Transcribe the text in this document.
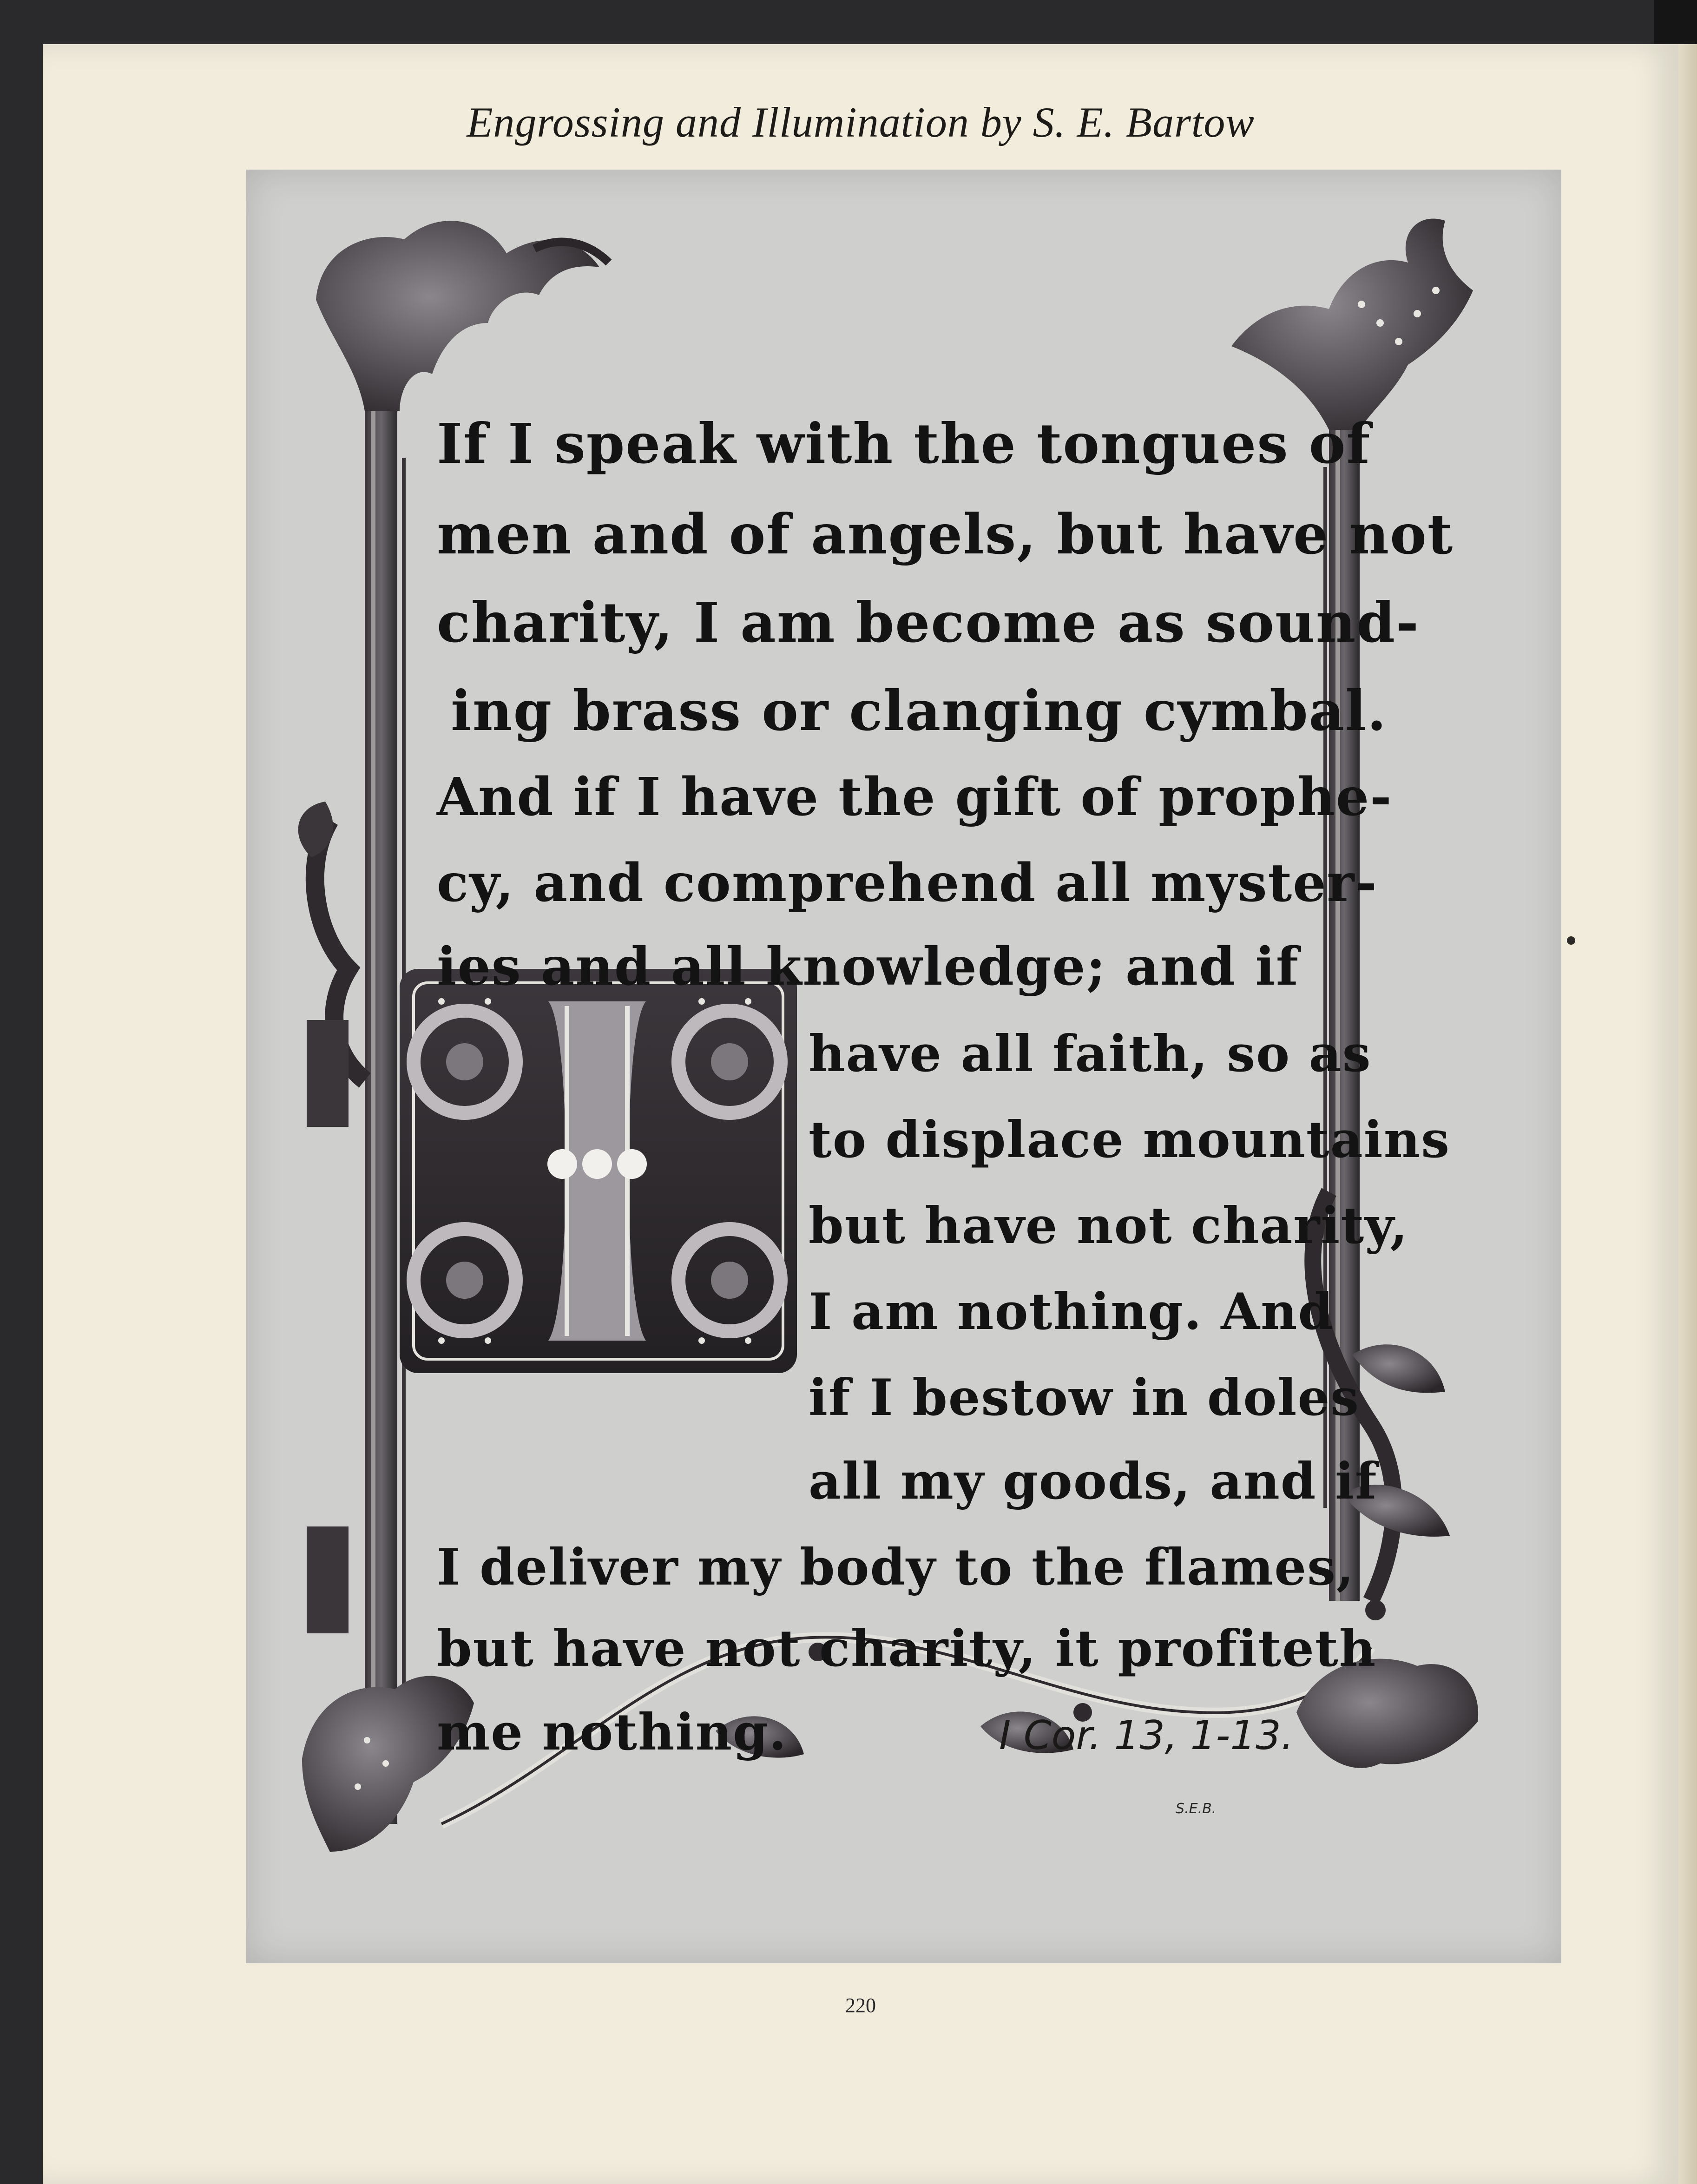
Engrossing and Illumination by S. E. Bartow
If I speak with the tongues of
men and of angels, but have not
charity, I am become as sound-
ing brass or clanging cymbal.
And if I have the gift of prophe-
cy, and comprehend all myster-
ies and all knowledge; and if
have all faith, so as
to displace mountains
but have not charity,
I am nothing. And
if I bestow in doles
all my goods, and if
I deliver my body to the flames,
but have not charity, it profiteth
me nothing.	I Cor. 13, 1-13.
S.E.B.
220
